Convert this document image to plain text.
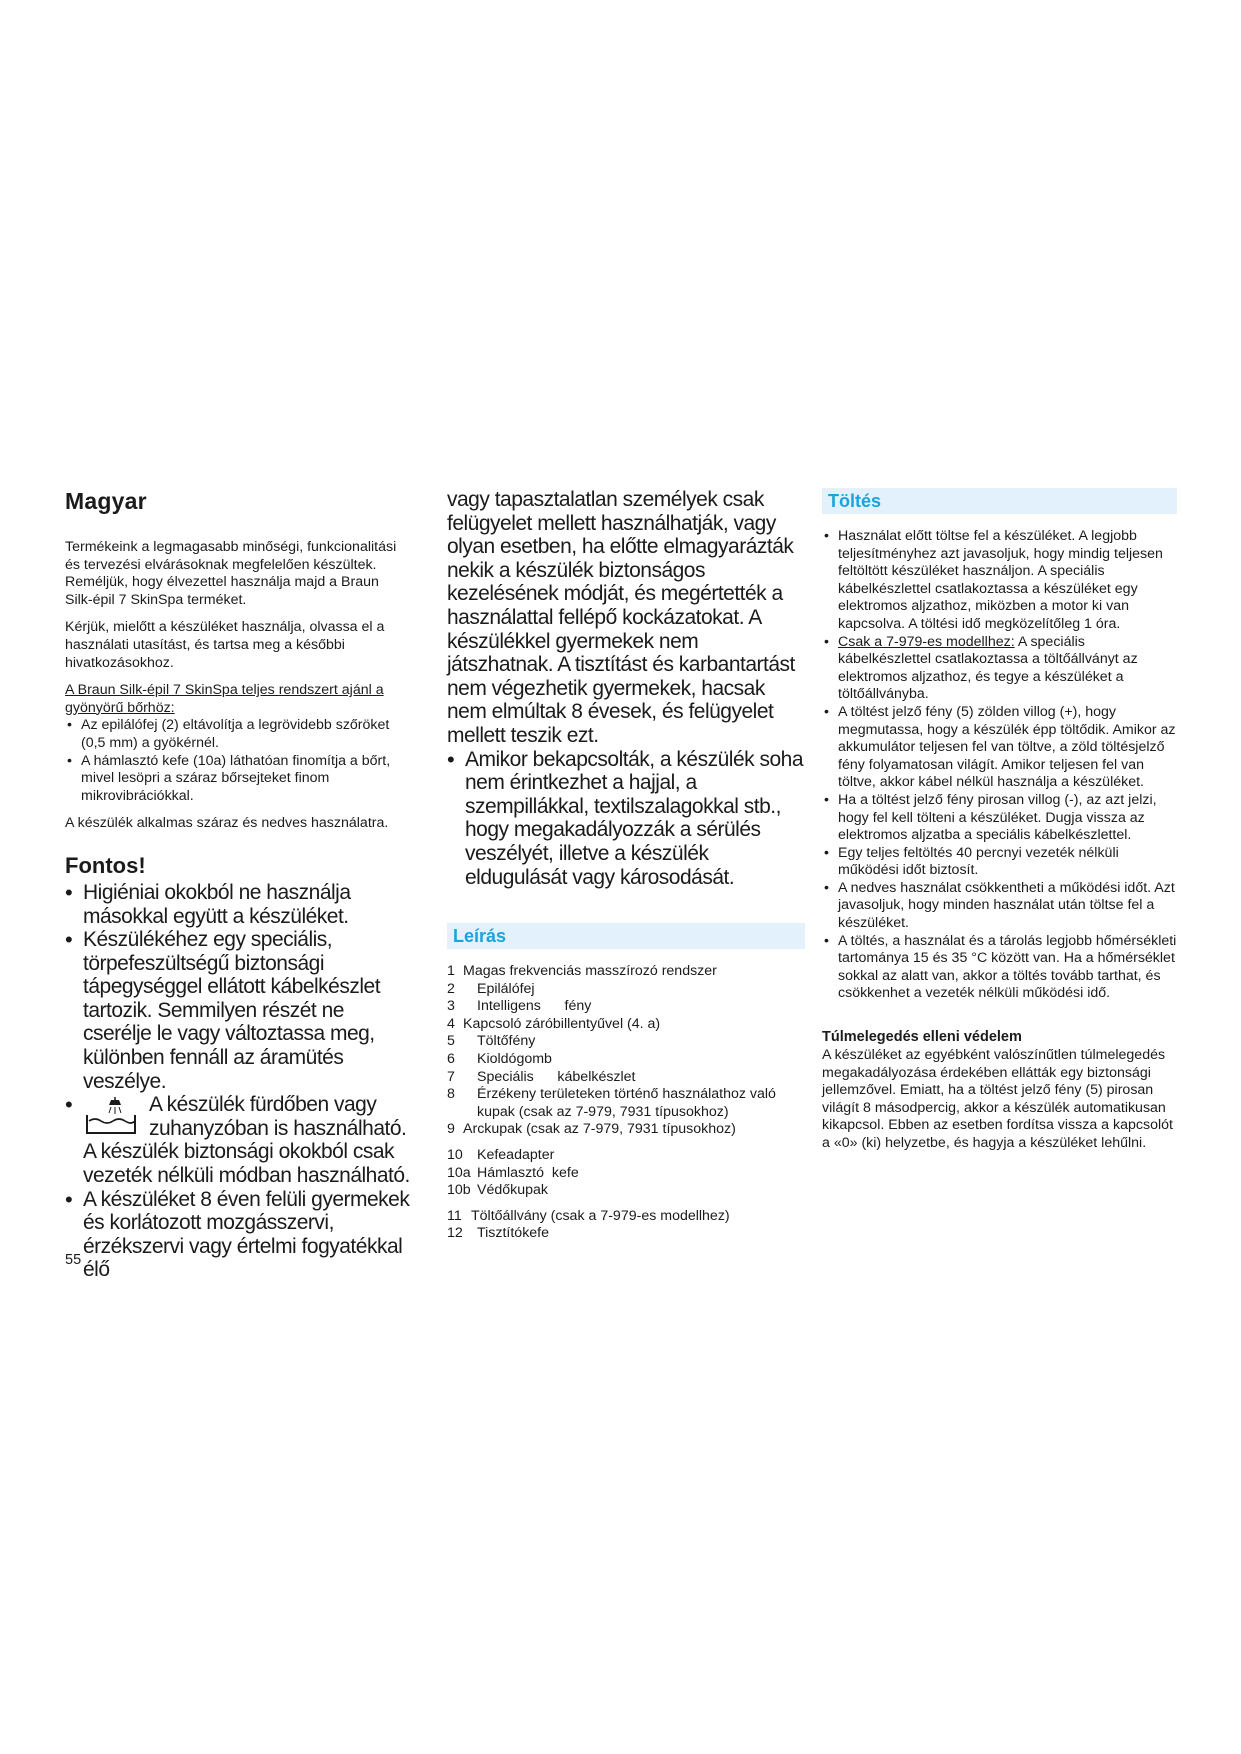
Magyar

Termékeink a legmagasabb minőségi, funkcionalitási és tervezési elvárásoknak megfelelően készültek. Reméljük, hogy élvezettel használja majd a Braun Silk-épil 7 SkinSpa terméket.

Kérjük, mielőtt a készüléket használja, olvassa el a használati utasítást, és tartsa meg a későbbi hivatkozásokhoz.

A Braun Silk-épil 7 SkinSpa teljes rendszert ajánl a gyönyörű bőrhöz:

• Az epilálófej (2) eltávolítja a legrövidebb szőröket (0,5 mm) a gyökérnél.
• A hámlasztó kefe (10a) láthatóan finomítja a bőrt, mivel lesöpri a száraz bőrsejteket finom mikrovibrációkkal.

A készülék alkalmas száraz és nedves használatra.

Fontos!
• Higiéniai okokból ne használja másokkal együtt a készüléket.
• Készülékéhez egy speciális, törpefeszültségű biztonsági tápegységgel ellátott kábelkészlet tartozik. Semmilyen részét ne cserélje le vagy változtassa meg, különben fennáll az áramütés veszélye.
• A készülék fürdőben vagy zuhanyzóban is használható. A készülék biztonsági okokból csak vezeték nélküli módban használható.
• A készüléket 8 éven felüli gyermekek és korlátozott mozgásszervi, érzékszervi vagy értelmi fogyatékkal élő
55

vagy tapasztalatlan személyek csak felügyelet mellett használhatják, vagy olyan esetben, ha előtte elmagyarázták nekik a készülék biztonságos kezelésének módját, és megértették a használattal fellépő kockázatokat. A készülékkel gyermekek nem játszhatnak. A tisztítást és karbantartást nem végezhetik gyermekek, hacsak nem elmúltak 8 évesek, és felügyelet mellett teszik ezt.

• Amikor bekapcsolták, a készülék soha nem érintkezhet a hajjal, a szempillákkal, textilszalagokkal stb., hogy megakadályozzák a sérülés veszélyét, illetve a készülék eldugulását vagy károsodását.
Leírás
1 Magas frekvenciás masszírozó rendszer
2	Epilálófej
3	Intelligens      fény
4 Kapcsoló záróbillentyűvel (4. a)
5	Töltőfény
6	Kioldógomb
7	Speciális      kábelkészlet
8	Érzékeny területeken történő használathoz való kupak (csak az 7-979, 7931 típusokhoz)
9 Arckupak (csak az 7-979, 7931 típusokhoz)
10	Kefeadapter
10a Hámlasztó  kefe
10b Védőkupak
11 Töltőállvány (csak a 7-979-es modellhez)
12	Tisztítókefe
Töltés
• Használat előtt töltse fel a készüléket. A legjobb teljesítményhez azt javasoljuk, hogy mindig teljesen feltöltött készüléket használjon. A speciális kábelkészlettel csatlakoztassa a készüléket egy elektromos aljzathoz, miközben a motor ki van kapcsolva. A töltési idő megközelítőleg 1 óra.
• Csak a 7-979-es modellhez: A speciális kábelkészlettel csatlakoztassa a töltőállványt az elektromos aljzathoz, és tegye a készüléket a töltőállványba.
• A töltést jelző fény (5) zölden villog (+), hogy megmutassa, hogy a készülék épp töltődik. Amikor az akkumulátor teljesen fel van töltve, a zöld töltésjelző fény folyamatosan világít. Amikor teljesen fel van töltve, akkor kábel nélkül használja a készüléket.
• Ha a töltést jelző fény pirosan villog (-), az azt jelzi, hogy fel kell tölteni a készüléket. Dugja vissza az elektromos aljzatba a speciális kábelkészlettel.
• Egy teljes feltöltés 40 percnyi vezeték nélküli működési időt biztosít.
• A nedves használat csökkentheti a működési időt. Azt javasoljuk, hogy minden használat után töltse fel a készüléket.
• A töltés, a használat és a tárolás legjobb hőmérsékleti tartománya 15 és 35 °C között van. Ha a hőmérséklet sokkal az alatt van, akkor a töltés tovább tarthat, és csökkenhet a vezeték nélküli működési idő.
Túlmelegedés elleni védelem

A készüléket az egyébként valószínűtlen túlmelegedés megakadályozása érdekében ellátták egy biztonsági jellemzővel. Emiatt, ha a töltést jelző fény (5) pirosan világít 8 másodpercig, akkor a készülék automatikusan kikapcsol. Ebben az esetben fordítsa vissza a kapcsolót a «0» (ki) helyzetbe, és hagyja a készüléket lehűlni.
